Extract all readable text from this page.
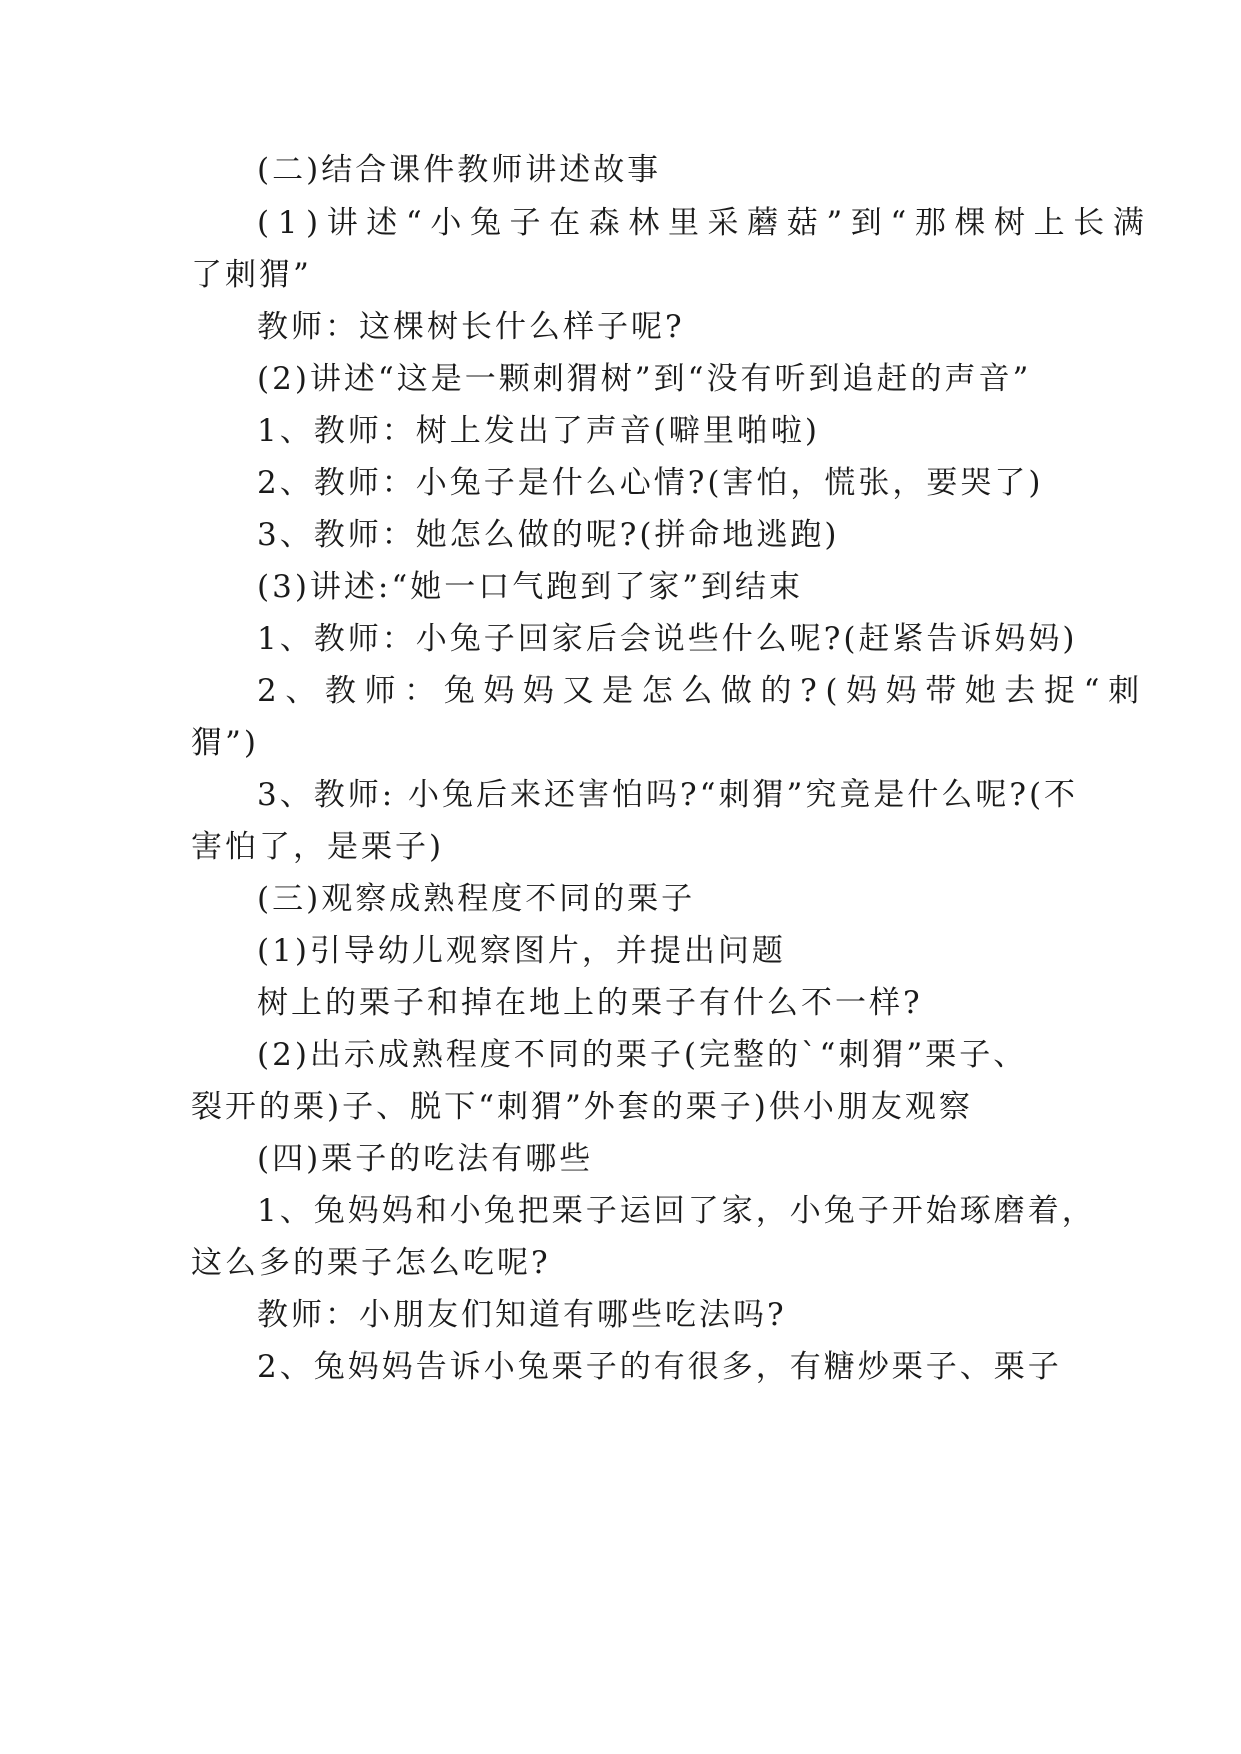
(二)结合课件教师讲述故事
(1)讲述“小兔子在森林里采蘑菇”到“那棵树上长满
了刺猬”
教师：这棵树长什么样子呢?
(2)讲述“这是一颗刺猬树”到“没有听到追赶的声音”
1、教师：树上发出了声音(噼里啪啦)
2、教师：小兔子是什么心情?(害怕，慌张，要哭了)
3、教师：她怎么做的呢?(拼命地逃跑)
(3)讲述:“她一口气跑到了家”到结束
1、教师：小兔子回家后会说些什么呢?(赶紧告诉妈妈)
2、教师：兔妈妈又是怎么做的?(妈妈带她去捉“刺
猬”)
3、教师: 小兔后来还害怕吗?“刺猬”究竟是什么呢?(不
害怕了，是栗子)
(三)观察成熟程度不同的栗子
(1)引导幼儿观察图片，并提出问题
树上的栗子和掉在地上的栗子有什么不一样?
(2)出示成熟程度不同的栗子(完整的`“刺猬”栗子、
裂开的栗)子、脱下“刺猬”外套的栗子)供小朋友观察
(四)栗子的吃法有哪些
1、兔妈妈和小兔把栗子运回了家，小兔子开始琢磨着，
这么多的栗子怎么吃呢?
教师：小朋友们知道有哪些吃法吗?
2、兔妈妈告诉小兔栗子的有很多，有糖炒栗子、栗子
